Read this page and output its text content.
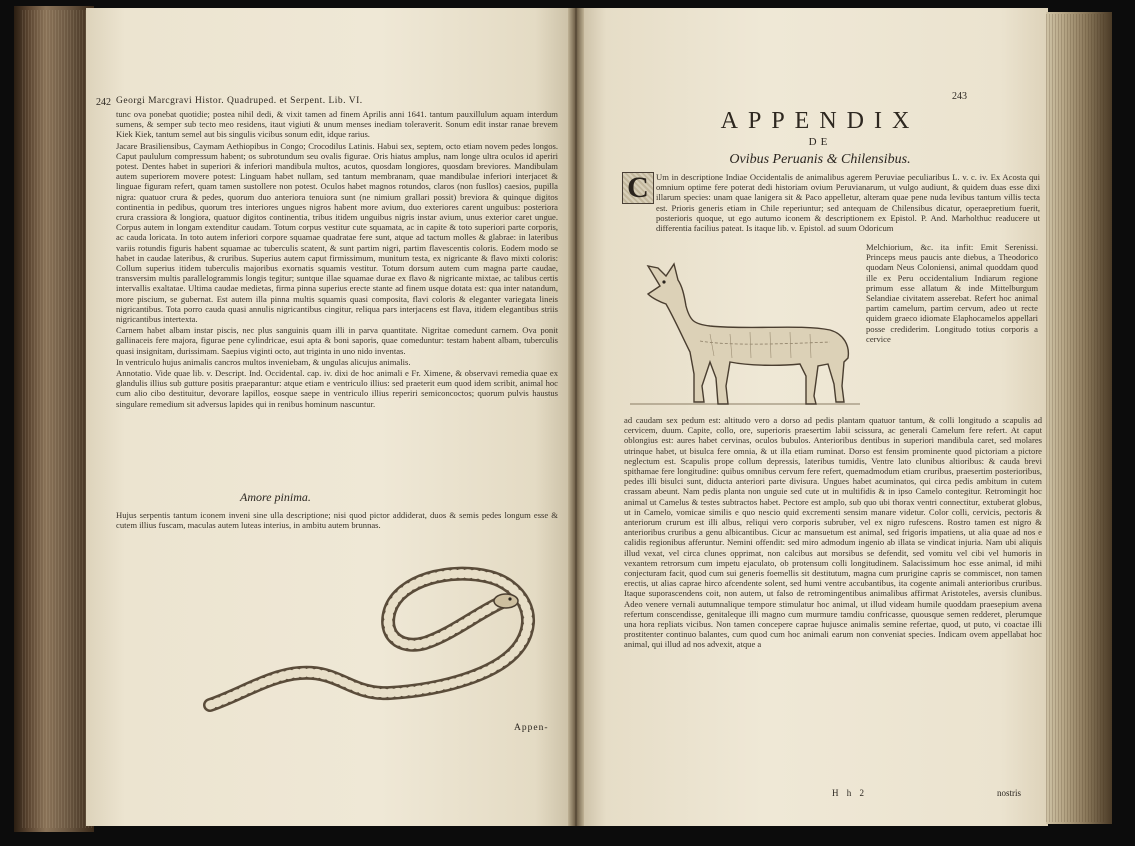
242 Georgi Marcgravi Histor. Quadruped. et Serpent. Lib. VI.

tunc ova ponebat quotidie; postea nihil dedi, & vixit tamen ad finem Aprilis anni 1641. tantum pauxillulum aquam interdum sumens, & semper sub tecto meo residens, itaut vigiuti & unum menses inediam toleraverit. Sonum edit instar ranae brevem Kiek Kiek, tantum semel aut bis singulis vicibus sonum edit, idque rarius.

Jacare Brasiliensibus, Caymam Aethiopibus in Congo; Crocodilus Latinis. Habui sex, septem, octo etiam novem pedes longos. Caput paululum compressum habent; os subrotundum seu ovalis figurae. Oris hiatus amplus, nam longe ultra oculos id aperiri potest. Dentes habet in superiori & inferiori mandibula multos, acutos, quosdam longiores, quosdam breviores. Mandibulam autem superiorem movere potest: Linguam habet nullam, sed tantum membranam, quae mandibulae inferiori interjacet & linguae figuram refert, quam tamen sustollere non potest. Oculos habet magnos rotundos, claros (non fusllos) caesios, pupilla nigra: quatuor crura & pedes, quorum duo anteriora tenuiora sunt (ne nimium grallari possit) breviora & quinque digitos continentia in pedibus, quorum tres interiores ungues nigros habent more avium, duo exteriores carent unguibus: posteriora crura crassiora & longiora, quatuor digitos continentia, tribus itidem unguibus nigris instar avium, unus exterior caret ungue. Corpus autem in longam extenditur caudam. Totum corpus vestitur cute squamata, ac in capite & toto superiori parte corporis, ac cauda loricata. In toto autem inferiori corpore squamae quadratae fere sunt, atque ad tactum molles & glabrae: in lateribus variis rotundis figuris habent squamae ac tuberculis scatent, & sunt partim nigri, partim flavescentis coloris. Eodem modo se habet in caudae lateribus, & cruribus. Superius autem caput firmissimum, munitum testa, ex nigricante & flavo mixti coloris: Collum superius itidem tuberculis majoribus exornatis squamis vestitur. Totum dorsum autem cum magna parte caudae, transversim multis parallelogrammis longis tegitur; suntque illae squamae durae ex flavo & nigricante mixtae, ac talibus certis intervallis exaltatae. Ultima caudae medietas, firma pinna superius erecte stante ad finem usque dotata est: qua inter natandum, more piscium, se gubernat. Est autem illa pinna multis squamis quasi composita, flavi coloris & eleganter variegata lineis nigricantibus. Tota porro cauda quasi annulis nigricantibus cingitur, reliqua pars interjacens est flava, itidem elegantibus striis nigricantibus intertexta.

Carnem habet albam instar piscis, nec plus sanguinis quam illi in parva quantitate. Nigritae comedunt carnem. Ova ponit gallinaceis fere majora, figurae pene cylindricae, esui apta & boni saporis, quae comeduntur: testam habent albam, tuberculis quasi insignitam, durissimam. Saepius viginti octo, aut triginta in uno nido inventas.

In ventriculo hujus animalis cancros multos inveniebam, & ungulas alicujus animalis.

Annotatio. Vide quae lib. v. Descript. Ind. Occidental. cap. iv. dixi de hoc animali e Fr. Ximene, & observavi remedia quae ex glandulis illius sub gutture positis praeparantur: atque etiam e ventriculo illius: sed praeterit eum quod idem scribit, animal hoc cum alio cibo destituitur, devorare lapillos, eosque saepe in ventriculo illius reperiri semiconcoctos; quorum pulvis haustus singulare remedium sit adversus lapides qui in renibus hominum nascuntur.

Amore pinima.
Hujus serpentis tantum iconem inveni sine ulla descriptione; nisi quod pictor addiderat, duos & semis pedes longum esse & cutem illius fuscam, maculas autem luteas interius, in ambitu autem brunnas.
Appen-
243
APPENDIX
DE
Ovibus Peruanis & Chilensibus.
C Um in descriptione Indiae Occidentalis de animalibus agerem Peruviae peculiaribus L. v. c. iv. Ex Acosta qui omnium optime fere poterat dedi historiam ovium Peruvianarum, ut vulgo audiunt, & quidem duas esse dixi illarum species: unam quae lanigera sit & Paco appelletur, alteram quae pene nuda levibus tantum villis tecta est. Prioris generis etiam in Chile reperiuntur; sed antequam de Chilensibus dicatur, operaepretium fuerit, posterioris quoque, ut ego autumo iconem & descriptionem ex Epistol. P. And. Marholthuc readucere ut differentia facilius pateat. Is itaque lib. v. Epistol. ad suum Odoricum
Melchiorium, &c. ita infit: Emit Serenissi. Princeps meus paucis ante diebus, a Theodorico quodam Neus Coloniensi, animal quoddam quod ille ex Peru occidentalium Indiarum regione primum esse allatum & inde Mittelburgum Selandiae civitatem asserebat. Refert hoc animal partim camelum, partim cervum, adeo ut recte quidem graeco idiomate Elaphocamelos appellari posse crediderim. Longitudo totius corporis a cervice
ad caudam sex pedum est: altitudo vero a dorso ad pedis plantam quatuor tantum, & colli longitudo a scapulis ad cervicem, duum. Capite, collo, ore, superioris praesertim labii scissura, ac generali Camelum fere refert. At caput oblongius est: aures habet cervinas, oculos bubulos. Anterioribus dentibus in superiori mandibula caret, sed molares utrinque habet, ut bisulca fere omnia, & ut illa etiam ruminat. Dorso est fensim prominente quod pictoriam a pictore neglectum est. Scapulis prope collum depressis, lateribus tumidis, Ventre lato clunibus altioribus: & cauda brevi spithamae fere longitudine: quibus omnibus cervum fere refert, quemadmodum etiam cruribus, praesertim posterioribus, pedes illi bisulci sunt, diducta anteriori parte divisura. Ungues habet acuminatos, qui circa pedis ambitum in cutem crassam abeunt. Nam pedis planta non unguie sed cute ut in multifidis & in ipso Camelo contegitur. Retromingit hoc animal ut Camelus & testes subtractos habet. Pectore est amplo, sub quo ubi thorax ventri connectitur, extuberat globus, ut in Camelo, vomicae similis e quo nescio quid excrementi sensim manare videtur. Color colli, cervicis, pectoris & anteriorum crurum est illi albus, reliqui vero corporis subruber, vel ex nigro rufescens. Rostro tamen est nigro & anterioribus cruribus a genu albicantibus. Cicur ac mansuetum est animal, sed frigoris impatiens, ut alia quae ad nos e calidis regionibus afferuntur. Nemini offendit: sed miro admodum ingenio ab illata se vindicat injuria. Nam ubi aliquis illud vexat, vel circa clunes opprimat, non calcibus aut morsibus se defendit, sed vomitu vel cibi vel humoris in vexantem retrorsum cum impetu ejaculato, ob protensum colli longitudinem. Salacissimum hoc esse animal, id mihi conjecturam facit, quod cum sui generis foemellis sit destitutum, magna cum prurigine capris se commiscet, non tamen erectis, ut alias caprae hirco afcendente solent, sed humi ventre accubantibus, ita cogente animali anterioribus cruribus. Itaque suporascendens coit, non autem, ut falso de retromingentibus animalibus affirmat Aristoteles, aversis clunibus. Adeo venere vernali autumnalique tempore stimulatur hoc animal, ut illud videam humile quoddam praesepium avena refertum conscendisse, genitaleque illi magno cum murmure tamdiu confricasse, quousque semen redderet, plerumque una hora repliats vicibus. Non tamen concepere caprae hujusce animalis semine refertae, quod, ut puto, vi coactae illi prostitenter continuo balantes, cum quod cum hoc animali earum non conveniat species. Indicam ovem appellabat hoc animal, qui illud ad nos advexit, atque a
H h 2	nostris
